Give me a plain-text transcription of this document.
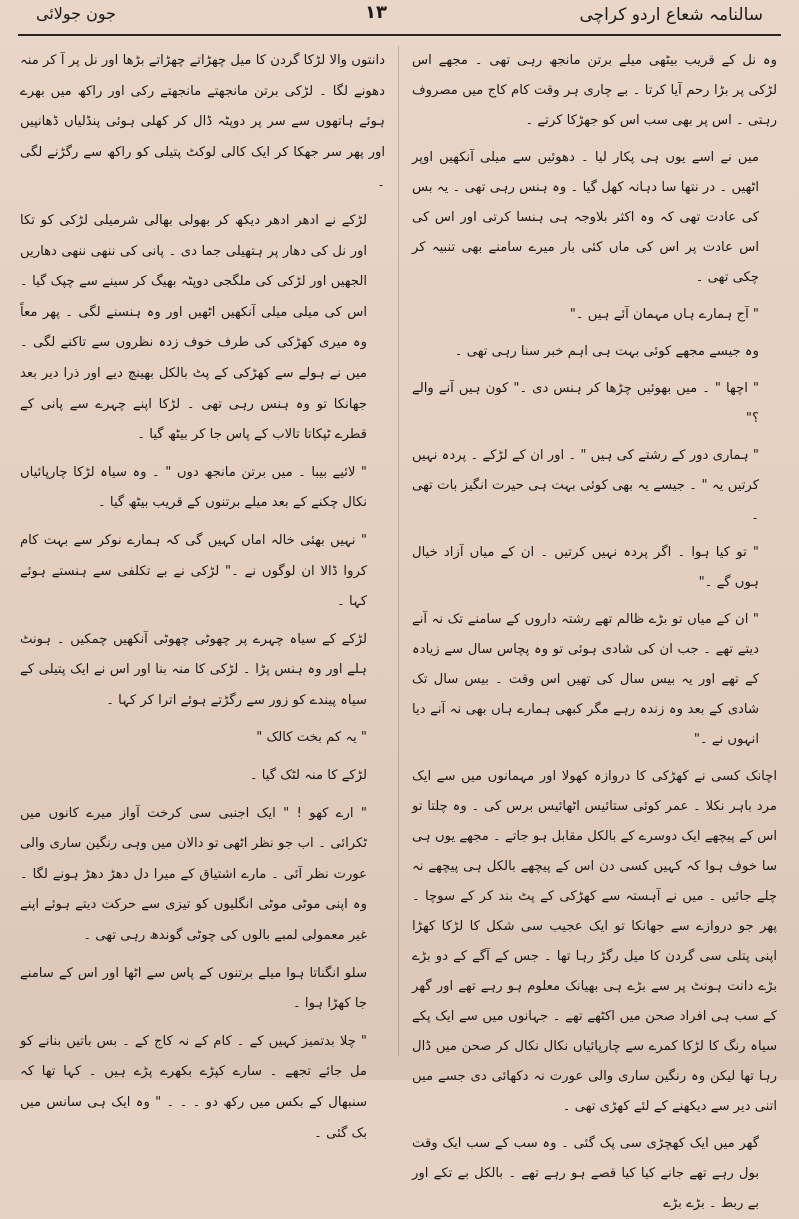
سالنامہ شعاع اردو کراچی
۱۳
جون جولائی

وہ نل کے قریب بیٹھی میلے برتن مانجھ رہی تھی ۔ مجھے اس لڑکی پر بڑا رحم آیا کرتا ۔ بے چاری ہر وقت کام کاج میں مصروف رہتی ۔ اس پر بھی سب اس کو جھڑکا کرتے ۔

میں نے اسے یوں ہی پکار لیا ۔ دھوئیں سے میلی آنکھیں اوپر اٹھیں ۔ در نتھا سا دہانہ کھل گیا ۔ وہ ہنس رہی تھی ۔ یہ بس کی عادت تھی کہ وہ اکثر بلاوجہ ہی ہنسا کرتی اور اس کی اس عادت پر اس کی ماں کئی بار میرے سامنے بھی تنبیہ کر چکی تھی ۔

" آج ہمارے ہاں مہمان آئے ہیں ۔"

وہ جیسے مجھے کوئی بہت ہی اہم خبر سنا رہی تھی ۔

" اچھا " ۔ میں بھوئیں چڑھا کر ہنس دی ۔" کون ہیں آنے والے ؟"

" ہماری دور کے رشتے کی ہیں " ۔ اور ان کے لڑکے ۔ پردہ نہیں کرتیں یہ " ۔ جیسے یہ بھی کوئی بہت ہی حیرت انگیز بات تھی ۔

" تو کیا ہوا ۔ اگر پردہ نہیں کرتیں ۔ ان کے میاں آزاد خیال ہوں گے ۔"

" ان کے میاں تو بڑے ظالم تھے رشتہ داروں کے سامنے تک نہ آنے دیتے تھے ۔ جب ان کی شادی ہوئی تو وہ پچاس سال سے زیادہ کے تھے اور یہ بیس سال کی تھیں اس وقت ۔ بیس سال تک شادی کے بعد وہ زندہ رہے مگر کبھی ہمارے ہاں بھی نہ آنے دیا انہوں نے ۔"

اچانک کسی نے کھڑکی کا دروازہ کھولا اور مہمانوں میں سے ایک مرد باہر نکلا ۔ عمر کوئی ستائیس اٹھائیس برس کی ۔ وہ چلتا تو اس کے پیچھے ایک دوسرے کے بالکل مقابل ہو جاتے ۔ مجھے یوں ہی سا خوف ہوا کہ کہیں کسی دن اس کے پیچھے بالکل ہی پیچھے نہ چلے جائیں ۔ میں نے آہستہ سے کھڑکی کے پٹ بند کر کے سوچا ۔ پھر جو دروازے سے جھانکا تو ایک عجیب سی شکل کا لڑکا کھڑا اپنی پتلی سی گردن کا میل رگڑ رہا تھا ۔ جس کے آگے کے دو بڑے بڑے دانت ہونٹ پر سے بڑے ہی بھیانک معلوم ہو رہے تھے اور گھر کے سب ہی افراد صحن میں اکٹھے تھے ۔ جہانوں میں سے ایک پکے سیاہ رنگ کا لڑکا کمرے سے چارپائیاں نکال نکال کر صحن میں ڈال رہا تھا لیکن وہ رنگین ساری والی عورت نہ دکھائی دی جسے میں اتنی دیر سے دیکھنے کے لئے کھڑی تھی ۔

گھر میں ایک کھچڑی سی پک گئی ۔ وہ سب کے سب ایک وقت بول رہے تھے جانے کیا کیا قصے ہو رہے تھے ۔ بالکل بے تکے اور بے ربط ۔ بڑے بڑے

دانتوں والا لڑکا گردن کا میل چھڑاتے چھڑاتے بڑھا اور نل پر آ کر منہ دھونے لگا ۔ لڑکی برتن مانجھتے مانجھتے رکی اور راکھ میں بھرے ہوئے ہاتھوں سے سر پر دوپٹہ ڈال کر کھلی ہوئی پنڈلیاں ڈھانپیں اور پھر سر جھکا کر ایک کالی لوکٹ پتیلی کو راکھ سے رگڑنے لگی ۔

لڑکے نے ادھر ادھر دیکھ کر بھولی بھالی شرمیلی لڑکی کو تکا اور نل کی دھار پر ہتھیلی جما دی ۔ پانی کی ننھی ننھی دھاریں الجھیں اور لڑکی کی ملگجی دوپٹہ بھیگ کر سینے سے چپک گیا ۔ اس کی میلی میلی آنکھیں اٹھیں اور وہ ہنسنے لگی ۔ پھر معاً وہ میری کھڑکی کی طرف خوف زدہ نظروں سے تاکنے لگی ۔ میں نے ہولے سے کھڑکی کے پٹ بالکل بھینچ دیے اور ذرا دیر بعد جھانکا تو وہ ہنس رہی تھی ۔ لڑکا اپنے چہرے سے پانی کے قطرے ٹپکاتا تالاب کے پاس جا کر بیٹھ گیا ۔

" لائیے بیبا ۔ میں برتن مانجھ دوں " ۔ وہ سیاہ لڑکا چارپائیاں نکال چکنے کے بعد میلے برتنوں کے قریب بیٹھ گیا ۔

" نہیں بھئی خالہ اماں کہیں گی کہ ہمارے نوکر سے بہت کام کروا ڈالا ان لوگوں نے ۔" لڑکی نے بے تکلفی سے ہنستے ہوئے کہا ۔

لڑکے کے سیاہ چہرے پر چھوٹی چھوٹی آنکھیں چمکیں ۔ ہونٹ ہلے اور وہ ہنس پڑا ۔ لڑکی کا منہ بنا اور اس نے ایک پتیلی کے سیاہ پیندے کو زور سے رگڑتے ہوئے اترا کر کہا ۔

" یہ کم بخت کالک "

لڑکے کا منہ لٹک گیا ۔

" ارے کھو ! " ایک اجنبی سی کرخت آواز میرے کانوں میں ٹکرائی ۔ اب جو نظر اٹھی تو دالان میں وہی رنگین ساری والی عورت نظر آئی ۔ مارے اشتیاق کے میرا دل دھڑ دھڑ ہونے لگا ۔ وہ اپنی موٹی موٹی انگلیوں کو تیزی سے حرکت دیتے ہوئے اپنے غیر معمولی لمبے بالوں کی چوٹی گوندھ رہی تھی ۔

سلو انگناتا ہوا میلے برتنوں کے پاس سے اٹھا اور اس کے سامنے جا کھڑا ہوا ۔

" چلا بدتمیز کہیں کے ۔ کام کے نہ کاج کے ۔ بس باتیں بنانے کو مل جائے تجھے ۔ سارے کپڑے بکھرے پڑے ہیں ۔ کہا تھا کہ سنبھال کے بکس میں رکھ دو ۔ ۔ ۔ " وہ ایک ہی سانس میں بک گئی ۔
